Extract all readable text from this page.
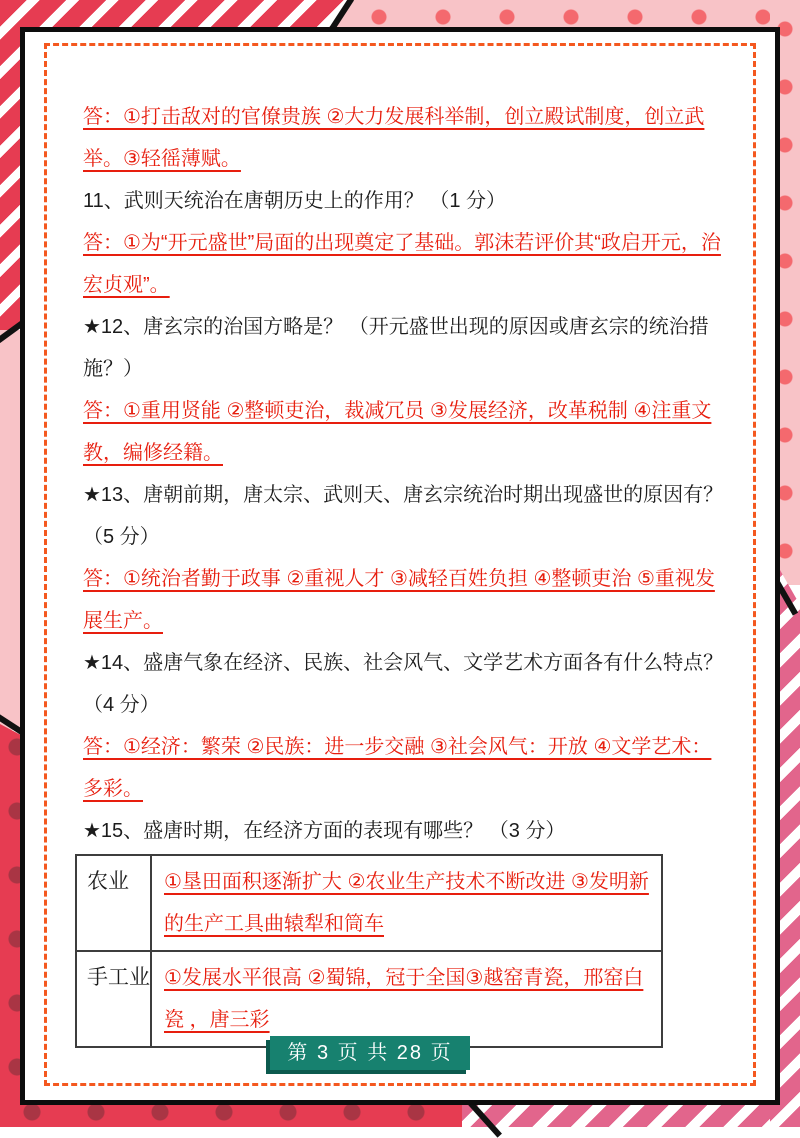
答：①打击敌对的官僚贵族 ②大力发展科举制，创立殿试制度，创立武举。③轻徭薄赋。

11、武则天统治在唐朝历史上的作用？ （1 分）

答：①为“开元盛世”局面的出现奠定了基础。郭沫若评价其“政启开元，治宏贞观”。

★12、唐玄宗的治国方略是？ （开元盛世出现的原因或唐玄宗的统治措施？）

答：①重用贤能 ②整顿吏治，裁减冗员 ③发展经济，改革税制 ④注重文教，编修经籍。

★13、唐朝前期，唐太宗、武则天、唐玄宗统治时期出现盛世的原因有？ （5 分）

答：①统治者勤于政事 ②重视人才 ③减轻百姓负担 ④整顿吏治 ⑤重视发展生产。

★14、盛唐气象在经济、民族、社会风气、文学艺术方面各有什么特点？ （4 分）

答：①经济：繁荣 ②民族：进一步交融 ③社会风气：开放 ④文学艺术：多彩。

★15、盛唐时期，在经济方面的表现有哪些？ （3 分）

农业	①垦田面积逐渐扩大 ②农业生产技术不断改进 ③发明新的生产工具曲辕犁和筒车
手工业	①发展水平很高 ②蜀锦，冠于全国③越窑青瓷，邢窑白瓷 ，唐三彩
第 3 页 共 28 页
